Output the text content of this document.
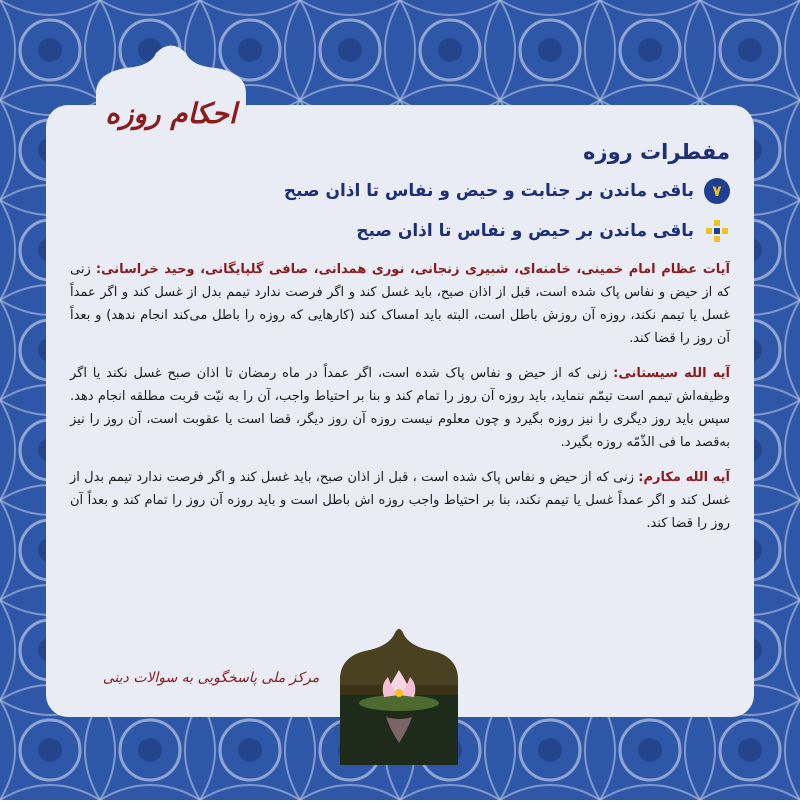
احکام روزه
مفطرات روزه
۷
باقی ماندن بر جنابت و حیض و نفاس تا اذان صبح
باقی ماندن بر حیض و نفاس تا اذان صبح
آیات عظام امام خمینی، خامنه‌ای، شبیری زنجانی، نوری همدانی، صافی گلپایگانی، وحید خراسانی: زنی که از حیض و نفاس پاک شده است، قبل از اذان صبح، باید غسل کند و اگر فرصت ندارد تیمم بدل از غسل کند و اگر عمداً غسل یا تیمم نکند، روزه آن روزش باطل است، البته باید امساک کند (کارهایی که روزه را باطل می‌کند انجام ندهد) و بعداً آن روز را قضا کند.
آیه الله سیستانی: زنی که از حیض و نفاس پاک شده است، اگر عمداً در ماه رمضان تا اذان صبح غسل نکند یا اگر وظیفه‌اش تیمم است تیمّم ننماید، باید روزه آن روز را تمام کند و بنا بر احتیاط واجب، آن را به نیّت قربت مطلقه انجام دهد. سپس باید روز دیگری را نیز روزه بگیرد و چون معلوم نیست روزه آن روز دیگر، قضا است یا عقوبت است، آن روز را نیز به‌قصد ما فی الذّمّه روزه بگیرد.
آیه الله مکارم: زنی که از حیض و نفاس پاک شده است ، قبل از اذان صبح، باید غسل کند و اگر فرصت ندارد تیمم بدل از غسل کند و اگر عمداً غسل یا تیمم نکند، بنا بر احتیاط واجب روزه اش باطل است و باید روزه آن روز را تمام کند و بعداً آن روز را قضا کند.
مرکز ملی پاسخگویی به سوالات دینی
